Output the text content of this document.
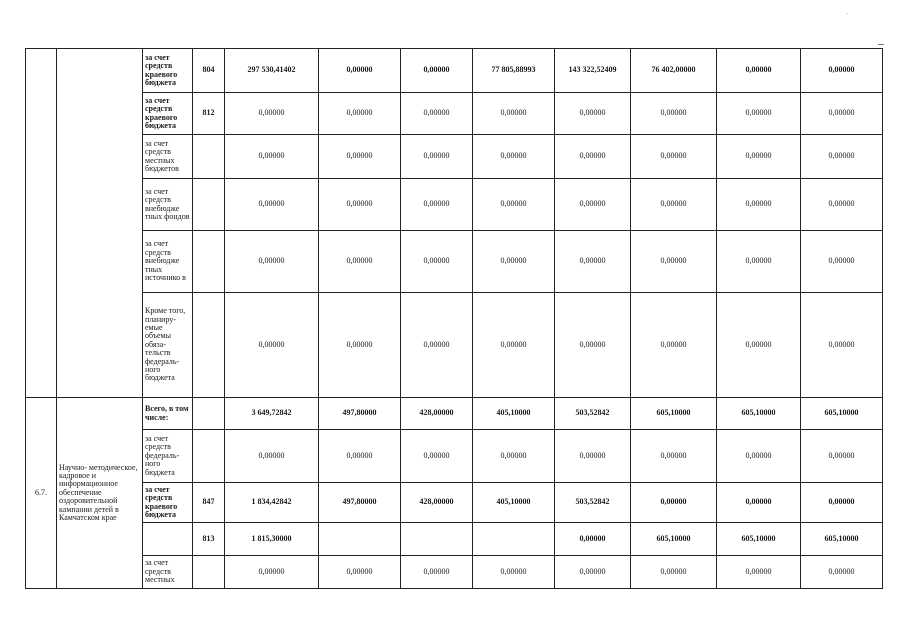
·
		за счет средств краевого бюджета	804	297 530,41402	0,00000	0,00000	77 805,88993	143 322,52409	76 402,00000	0,00000	0,00000
		за счет средств краевого бюджета	812	0,00000	0,00000	0,00000	0,00000	0,00000	0,00000	0,00000	0,00000
		за счет средств местных бюджетов		0,00000	0,00000	0,00000	0,00000	0,00000	0,00000	0,00000	0,00000
		за счет средств внебюдже тных фондов		0,00000	0,00000	0,00000	0,00000	0,00000	0,00000	0,00000	0,00000
		за счет средств внебюдже тных источнико в		0,00000	0,00000	0,00000	0,00000	0,00000	0,00000	0,00000	0,00000
		Кроме того, планиру- емые объемы обяза- тельств федераль- ного бюджета		0,00000	0,00000	0,00000	0,00000	0,00000	0,00000	0,00000	0,00000
6.7.	Научно- методическое, кадровое и информационное обеспечение оздоровительной кампании детей в Камчатском крае	Всего, в том числе:		3 649,72842	497,80000	428,00000	405,10000	503,52842	605,10000	605,10000	605,10000
		за счет средств федераль- ного бюджета		0,00000	0,00000	0,00000	0,00000	0,00000	0,00000	0,00000	0,00000
		за счет средств краевого бюджета	847	1 834,42842	497,80000	428,00000	405,10000	503,52842	0,00000	0,00000	0,00000
			813	1 815,30000				0,00000	605,10000	605,10000	605,10000
		за счет средств местных		0,00000	0,00000	0,00000	0,00000	0,00000	0,00000	0,00000	0,00000
